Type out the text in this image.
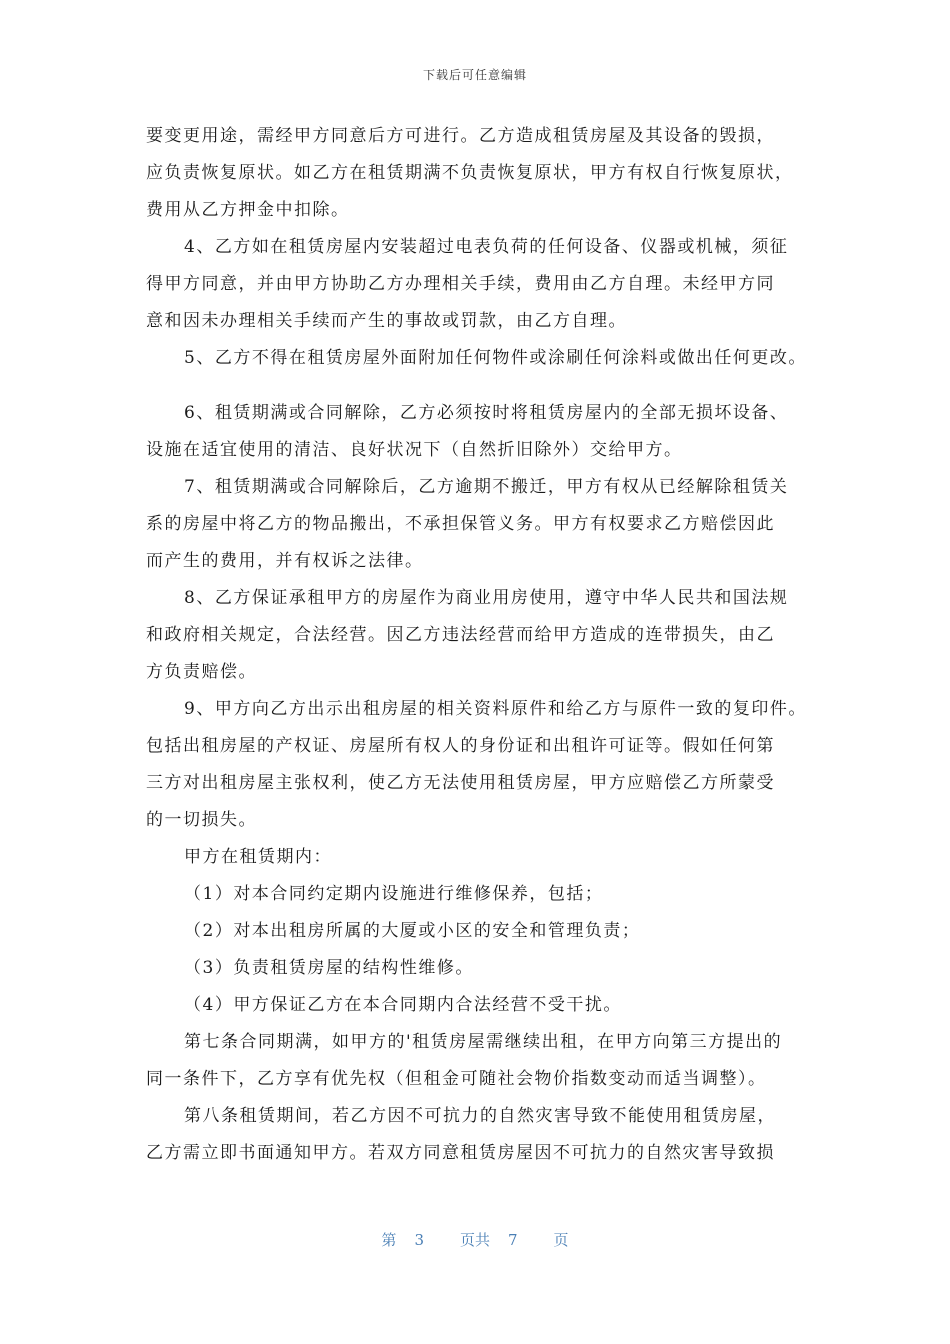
下载后可任意编辑
要变更用途，需经甲方同意后方可进行。乙方造成租赁房屋及其设备的毁损，
应负责恢复原状。如乙方在租赁期满不负责恢复原状，甲方有权自行恢复原状，
费用从乙方押金中扣除。
4、乙方如在租赁房屋内安装超过电表负荷的任何设备、仪器或机械，须征
得甲方同意，并由甲方协助乙方办理相关手续，费用由乙方自理。未经甲方同
意和因未办理相关手续而产生的事故或罚款，由乙方自理。
5、乙方不得在租赁房屋外面附加任何物件或涂刷任何涂料或做出任何更改。
6、租赁期满或合同解除，乙方必须按时将租赁房屋内的全部无损坏设备、
设施在适宜使用的清洁、良好状况下（自然折旧除外）交给甲方。
7、租赁期满或合同解除后，乙方逾期不搬迁，甲方有权从已经解除租赁关
系的房屋中将乙方的物品搬出，不承担保管义务。甲方有权要求乙方赔偿因此
而产生的费用，并有权诉之法律。
8、乙方保证承租甲方的房屋作为商业用房使用，遵守中华人民共和国法规
和政府相关规定，合法经营。因乙方违法经营而给甲方造成的连带损失，由乙
方负责赔偿。
9、甲方向乙方出示出租房屋的相关资料原件和给乙方与原件一致的复印件。
包括出租房屋的产权证、房屋所有权人的身份证和出租许可证等。假如任何第
三方对出租房屋主张权利，使乙方无法使用租赁房屋，甲方应赔偿乙方所蒙受
的一切损失。
甲方在租赁期内：
（1）对本合同约定期内设施进行维修保养，包括；
（2）对本出租房所属的大厦或小区的安全和管理负责；
（3）负责租赁房屋的结构性维修。
（4）甲方保证乙方在本合同期内合法经营不受干扰。
第七条合同期满，如甲方的'租赁房屋需继续出租，在甲方向第三方提出的
同一条件下，乙方享有优先权（但租金可随社会物价指数变动而适当调整）。
第八条租赁期间，若乙方因不可抗力的自然灾害导致不能使用租赁房屋，
乙方需立即书面通知甲方。若双方同意租赁房屋因不可抗力的自然灾害导致损
第 3 页共 7 页
